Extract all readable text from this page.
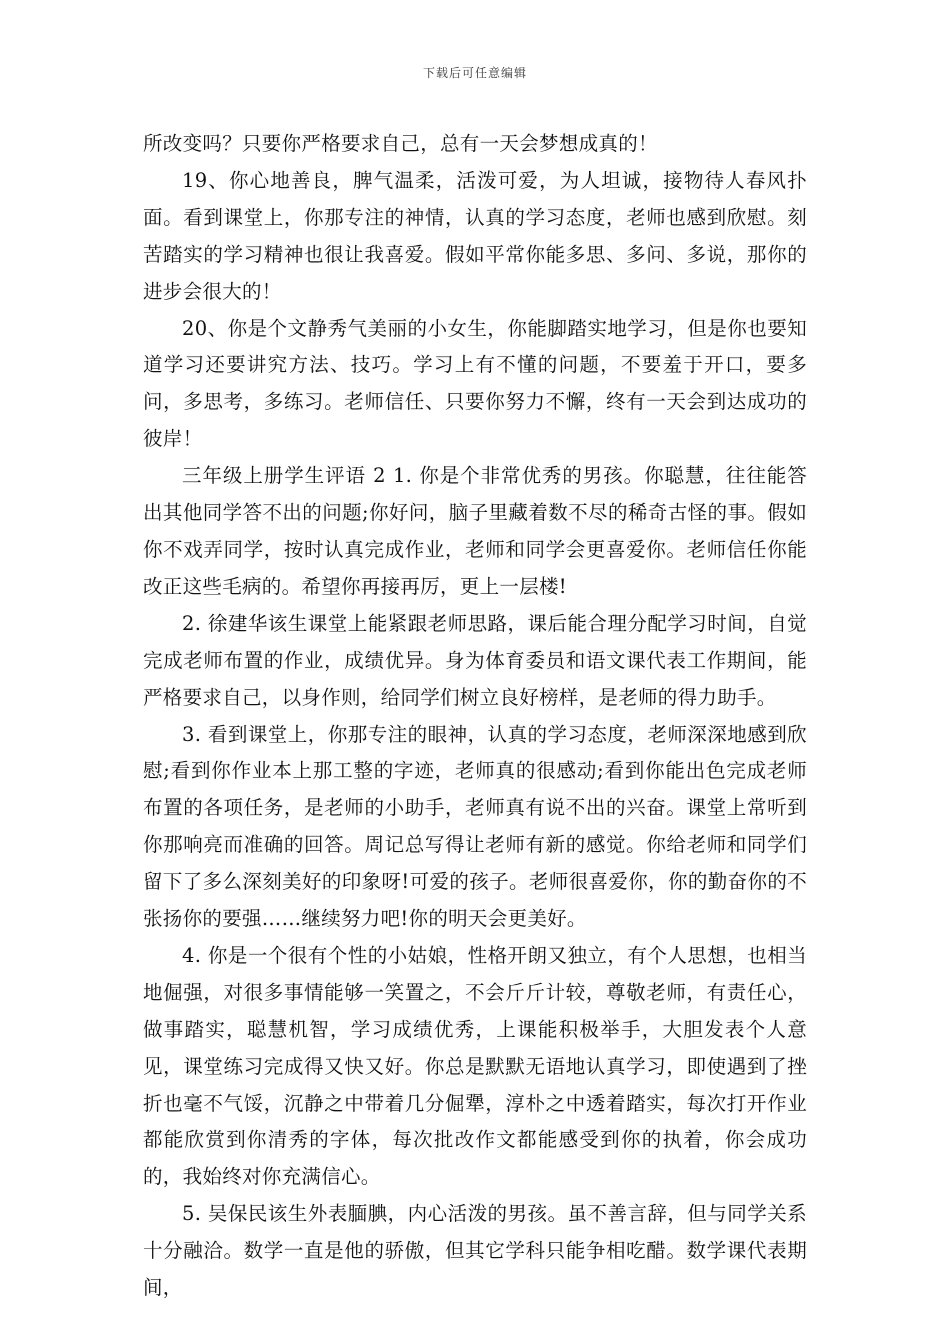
下载后可任意编辑

所改变吗？只要你严格要求自己，总有一天会梦想成真的！

19、你心地善良，脾气温柔，活泼可爱，为人坦诚，接物待人春风扑面。看到课堂上，你那专注的神情，认真的学习态度，老师也感到欣慰。刻苦踏实的学习精神也很让我喜爱。假如平常你能多思、多问、多说，那你的进步会很大的！

20、你是个文静秀气美丽的小女生，你能脚踏实地学习，但是你也要知道学习还要讲究方法、技巧。学习上有不懂的问题，不要羞于开口，要多问，多思考，多练习。老师信任、只要你努力不懈，终有一天会到达成功的彼岸！

三年级上册学生评语 2 1. 你是个非常优秀的男孩。你聪慧，往往能答出其他同学答不出的问题;你好问，脑子里藏着数不尽的稀奇古怪的事。假如你不戏弄同学，按时认真完成作业，老师和同学会更喜爱你。老师信任你能改正这些毛病的。希望你再接再厉，更上一层楼!

2. 徐建华该生课堂上能紧跟老师思路，课后能合理分配学习时间，自觉完成老师布置的作业，成绩优异。身为体育委员和语文课代表工作期间，能严格要求自己，以身作则，给同学们树立良好榜样，是老师的得力助手。

3. 看到课堂上，你那专注的眼神，认真的学习态度，老师深深地感到欣慰;看到你作业本上那工整的字迹，老师真的很感动;看到你能出色完成老师布置的各项任务，是老师的小助手，老师真有说不出的兴奋。课堂上常听到你那响亮而准确的回答。周记总写得让老师有新的感觉。你给老师和同学们留下了多么深刻美好的印象呀!可爱的孩子。老师很喜爱你，你的勤奋你的不张扬你的要强……继续努力吧!你的明天会更美好。

4. 你是一个很有个性的小姑娘，性格开朗又独立，有个人思想，也相当地倔强，对很多事情能够一笑置之，不会斤斤计较，尊敬老师，有责任心，做事踏实，聪慧机智，学习成绩优秀，上课能积极举手，大胆发表个人意见，课堂练习完成得又快又好。你总是默默无语地认真学习，即使遇到了挫折也毫不气馁，沉静之中带着几分倔犟，淳朴之中透着踏实，每次打开作业都能欣赏到你清秀的字体，每次批改作文都能感受到你的执着，你会成功的，我始终对你充满信心。

5. 吴保民该生外表腼腆，内心活泼的男孩。虽不善言辞，但与同学关系十分融洽。数学一直是他的骄傲，但其它学科只能争相吃醋。数学课代表期间，
